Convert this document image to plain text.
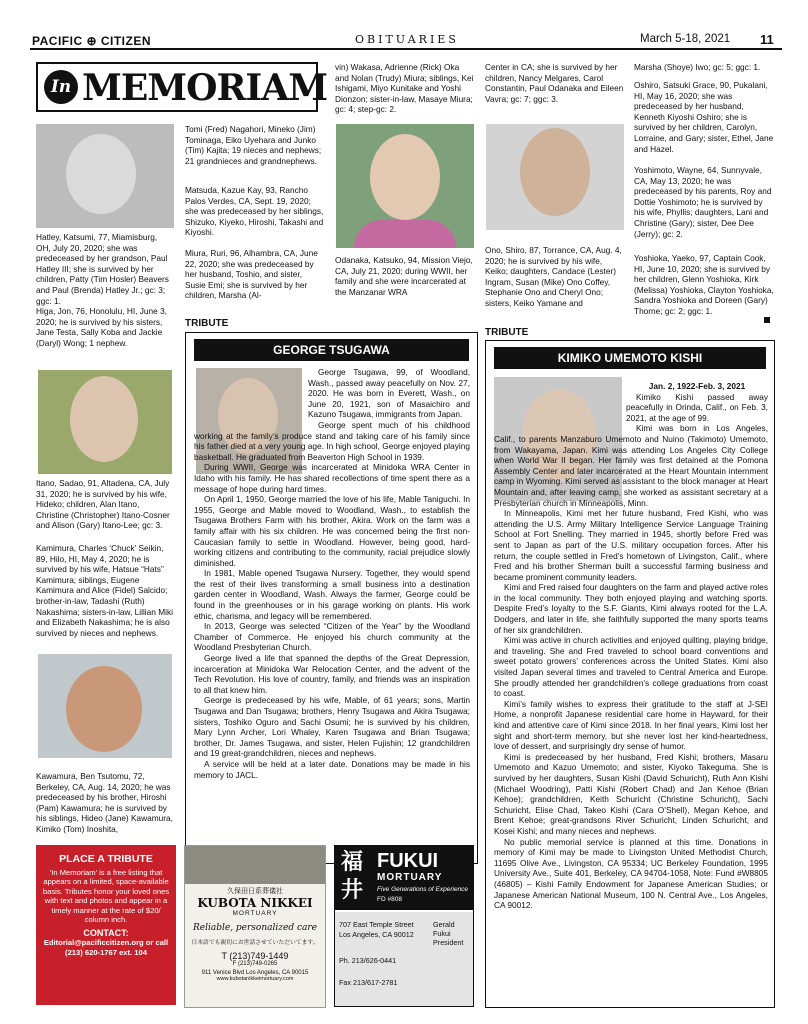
PACIFIC ⊕ CITIZEN	OBITUARIES	March 5-18, 2021 11
In MEMORIAM
Hatley, Katsumi, 77, Miamisburg, OH, July 20, 2020; she was predeceased by her grandson, Paul Hatley III; she is survived by her children, Patty (Tim Hosler) Beavers and Paul (Brenda) Hatley Jr.; gc: 3; ggc: 1.
Higa, Jon, 76, Honolulu, HI, June 3, 2020; he is survived by his sisters, Jane Testa, Sally Koba and Jackie (Daryl) Wong; 1 nephew.
Itano, Sadao, 91, Altadena, CA, July 31, 2020; he is survived by his wife, Hideko; children, Alan Itano, Christine (Christopher) Itano-Cosner and Alison (Gary) Itano-Lee; gc: 3.
Kamimura, Charles ‘Chuck’ Seikin, 89, Hilo, HI, May 4, 2020; he is survived by his wife, Hatsue “Hats” Kamimura; siblings, Eugene Kamimura and Alice (Fidel) Salcido; brother-in-law, Tadashi (Ruth) Nakashima; sisters-in-law, Lillian Miki and Elizabeth Nakashima; he is also survived by nieces and nephews.
Kawamura, Ben Tsutomu, 72, Berkeley, CA, Aug. 14, 2020; he was predeceased by his brother, Hiroshi (Pam) Kawamura; he is survived by his siblings, Hideo (Jane) Kawamura, Kimiko (Tom) Inoshita,
Tomi (Fred) Nagahori, Mineko (Jim) Tominaga, Eiko Uyehara and Junko (Tim) Kajita; 19 nieces and nephews; 21 grandnieces and grandnephews.
Matsuda, Kazue Kay, 93, Rancho Palos Verdes, CA, Sept. 19, 2020; she was predeceased by her siblings, Shizuko, Kiyeko, Hiroshi, Takashi and Kiyoshi.
Miura, Ruri, 96, Alhambra, CA, June 22, 2020; she was predeceased by her husband, Toshio, and sister, Susie Emi; she is survived by her children, Marsha (Al-
vin) Wakasa, Adrienne (Rick) Oka and Nolan (Trudy) Miura; siblings, Kei Ishigami, Miyo Kunitake and Yoshi Dionzon; sister-in-law, Masaye Miura; gc: 4; step-gc: 2.
Odanaka, Katsuko, 94, Mission Viejo, CA, July 21, 2020; during WWII, her family and she were incarcerated at the Manzanar WRA
Center in CA; she is survived by her children, Nancy Melgares, Carol Constantin, Paul Odanaka and Eileen Vavra; gc: 7; ggc: 3.
Ono, Shiro, 87, Torrance, CA, Aug. 4, 2020; he is survived by his wife, Keiko; daughters, Candace (Lester) Ingram, Susan (Mike) Ono Coffey, Stephanie Ono and Cheryl Ono; sisters, Keiko Yamane and
Marsha (Shoye) Iwo; gc: 5; ggc: 1.
Oshiro, Satsuki Grace, 90, Pukalani, HI, May 16, 2020; she was predeceased by her husband, Kenneth Kiyoshi Oshiro; she is survived by her children, Carolyn, Lorraine, and Gary; sister, Ethel, Jane and Hazel.
Yoshimoto, Wayne, 64, Sunnyvale, CA, May 13, 2020; he was predeceased by his parents, Roy and Dottie Yoshimoto; he is survived by his wife, Phyllis; daughters, Lani and Christine (Gary); sister, Dee Dee (Jerry); gc: 2.
Yoshioka, Yaeko, 97, Captain Cook, HI, June 10, 2020; she is survived by her children, Glenn Yoshioka, Kirk (Melissa) Yoshioka, Clayton Yoshioka, Sandra Yoshioka and Doreen (Gary) Thorne; gc: 2; ggc: 1.
TRIBUTE
GEORGE TSUGAWA
George Tsugawa, 99, of Woodland, Wash., passed away peacefully on Nov. 27, 2020. He was born in Everett, Wash., on June 20, 1921, son of Masaichiro and Kazuno Tsugawa, immigrants from Japan.
George spent much of his childhood working at the family’s produce stand and taking care of his family since his father died at a very young age. In high school, George enjoyed playing basketball. He graduated from Beaverton High School in 1939.
During WWII, George was incarcerated at Minidoka WRA Center in Idaho with his family. He has shared recollections of time spent there as a message of hope during hard times.
On April 1, 1950, George married the love of his life, Mable Taniguchi. In 1955, George and Mable moved to Woodland, Wash., to establish the Tsugawa Brothers Farm with his brother, Akira. Work on the farm was a family affair with his six children. He was concerned being the first non-Caucasian family to settle in Woodland. However, being good, hard-working citizens and contributing to the community, racial prejudice slowly diminished.
In 1981, Mable opened Tsugawa Nursery. Together, they would spend the rest of their lives transforming a small business into a destination garden center in Woodland, Wash. Always the farmer, George could be found in the greenhouses or in his garage working on plants. His work ethic, charisma, and legacy will be remembered.
In 2013, George was selected “Citizen of the Year” by the Woodland Chamber of Commerce. He enjoyed his church community at the Woodland Presbyterian Church.
George lived a life that spanned the depths of the Great Depression, incarceration at Minidoka War Relocation Center, and the advent of the Tech Revolution. His love of country, family, and friends was an inspiration to all that knew him.
George is predeceased by his wife, Mable, of 61 years; sons, Martin Tsugawa and Dan Tsugawa; brothers, Henry Tsugawa and Akira Tsugawa; sisters, Toshiko Oguro and Sachi Osumi; he is survived by his children, Mary Lynn Archer, Lori Whaley, Karen Tsugawa and Brian Tsugawa; brother, Dr. James Tsugawa, and sister, Helen Fujishin; 12 grandchildren and 19 great-grandchildren, nieces and nephews.
A service will be held at a later date. Donations may be made in his memory to JACL.
TRIBUTE
KIMIKO UMEMOTO KISHI
Jan. 2, 1922-Feb. 3, 2021
Kimiko Kishi passed away peacefully in Orinda, Calif., on Feb. 3, 2021, at the age of 99.
Kimi was born in Los Angeles, Calif., to parents Manzaburo Umemoto and Nuino (Takimoto) Umemoto, from Wakayama, Japan. Kimi was attending Los Angeles City College when World War II began. Her family was first detained at the Pomona Assembly Center and later incarcerated at the Heart Mountain internment camp in Wyoming. Kimi served as assistant to the block manager at Heart Mountain and, after leaving camp, she worked as assistant secretary at a Presbyterian church in Minneapolis, Minn.
In Minneapolis, Kimi met her future husband, Fred Kishi, who was attending the U.S. Army Military Intelligence Service Language Training School at Fort Snelling. They married in 1945, shortly before Fred was sent to Japan as part of the U.S. military occupation forces. After his return, the couple settled in Fred’s hometown of Livingston, Calif., where Fred and his brother Sherman built a successful farming business and became prominent community leaders.
Kimi and Fred raised four daughters on the farm and played active roles in the local community. They both enjoyed playing and watching sports. Despite Fred’s loyalty to the S.F. Giants, Kimi always rooted for the L.A. Dodgers, and later in life, she faithfully supported the many sports teams of her six grandchildren.
Kimi was active in church activities and enjoyed quilting, playing bridge, and traveling. She and Fred traveled to school board conventions and sweet potato growers’ conferences across the United States. Kimi also visited Japan several times and traveled to Central America and Europe. She proudly attended her grandchildren’s college graduations from coast to coast.
Kimi’s family wishes to express their gratitude to the staff at J-SEI Home, a nonprofit Japanese residential care home in Hayward, for their kind and attentive care of Kimi since 2018. In her final years, Kimi lost her sight and short-term memory, but she never lost her kind-heartedness, love of dessert, and surprisingly dry sense of humor.
Kimi is predeceased by her husband, Fred Kishi; brothers, Masaru Umemoto and Kazuo Umemoto; and sister, Kiyoko Takeguma. She is survived by her daughters, Susan Kishi (David Schuricht), Ruth Ann Kishi (Michael Woodring), Patti Kishi (Robert Chad) and Jan Kehoe (Brian Kehoe); grandchildren, Keith Schuricht (Christine Schuricht), Sachi Schuricht, Elise Chad, Takeo Kishi (Cara O’Shell), Megan Kehoe, and Brent Kehoe; great-grandsons River Schuricht, Linden Schuricht, and Kosei Kishi; and many nieces and nephews.
No public memorial service is planned at this time. Donations in memory of Kimi may be made to Livingston United Methodist Church, 11695 Olive Ave., Livingston, CA 95334; UC Berkeley Foundation, 1995 University Ave., Suite 401, Berkeley, CA 94704-1058, Note: Fund #W8805 (46805) – Kishi Family Endowment for Japanese American Studies; or Japanese American National Museum, 100 N. Central Ave., Los Angeles, CA 90012.
PLACE A TRIBUTE
‘In Memoriam’ is a free listing that appears on a limited, space-available basis. Tributes honor your loved ones with text and photos and appear in a timely manner at the rate of $20/ column inch.
CONTACT:
Editorial@pacificcitizen.org or call (213) 620-1767 ext. 104
久保田日系葬儀社
KUBOTA NIKKEI
MORTUARY
Reliable, personalized care
日本語でも親切にお世話させていただいてます。
T (213)749-1449
F (213)749-0265
911 Venice Blvd Los Angeles, CA 90015
www.kubotanikkeimortuary.com
福井
FUKUI
MORTUARY
Five Generations of Experience
FD #808
707 East Temple Street
Los Angeles, CA 90012
Ph. 213/626-0441
Fax 213/617-2781
Gerald Fukui President
